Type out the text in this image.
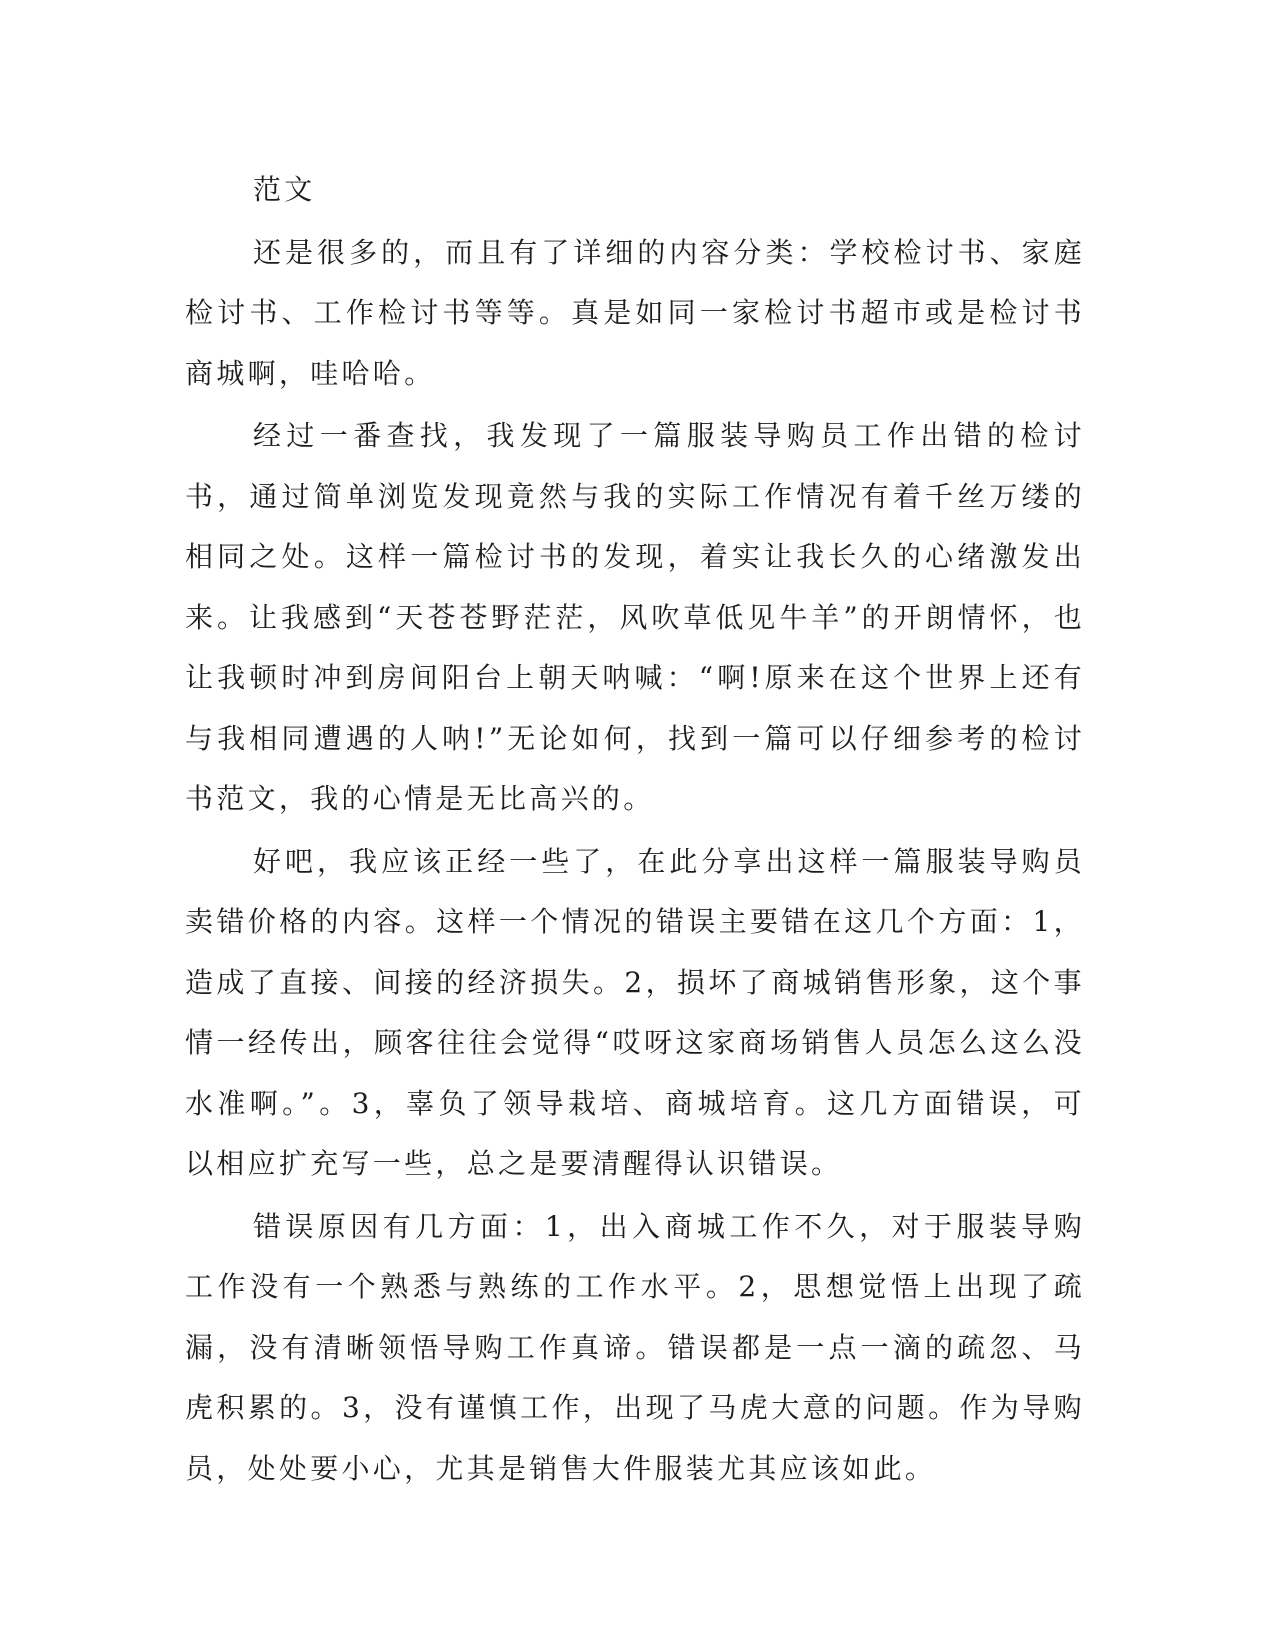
范文

还是很多的，而且有了详细的内容分类：学校检讨书、家庭检讨书、工作检讨书等等。真是如同一家检讨书超市或是检讨书商城啊，哇哈哈。

经过一番查找，我发现了一篇服装导购员工作出错的检讨书，通过简单浏览发现竟然与我的实际工作情况有着千丝万缕的相同之处。这样一篇检讨书的发现，着实让我长久的心绪激发出来。让我感到“天苍苍野茫茫，风吹草低见牛羊”的开朗情怀，也让我顿时冲到房间阳台上朝天呐喊：“啊!原来在这个世界上还有与我相同遭遇的人呐!”无论如何，找到一篇可以仔细参考的检讨书范文，我的心情是无比高兴的。

好吧，我应该正经一些了，在此分享出这样一篇服装导购员卖错价格的内容。这样一个情况的错误主要错在这几个方面：1，造成了直接、间接的经济损失。2，损坏了商城销售形象，这个事情一经传出，顾客往往会觉得“哎呀这家商场销售人员怎么这么没水准啊。”。3，辜负了领导栽培、商城培育。这几方面错误，可以相应扩充写一些，总之是要清醒得认识错误。

错误原因有几方面：1，出入商城工作不久，对于服装导购工作没有一个熟悉与熟练的工作水平。2，思想觉悟上出现了疏漏，没有清晰领悟导购工作真谛。错误都是一点一滴的疏忽、马虎积累的。3，没有谨慎工作，出现了马虎大意的问题。作为导购员，处处要小心，尤其是销售大件服装尤其应该如此。
